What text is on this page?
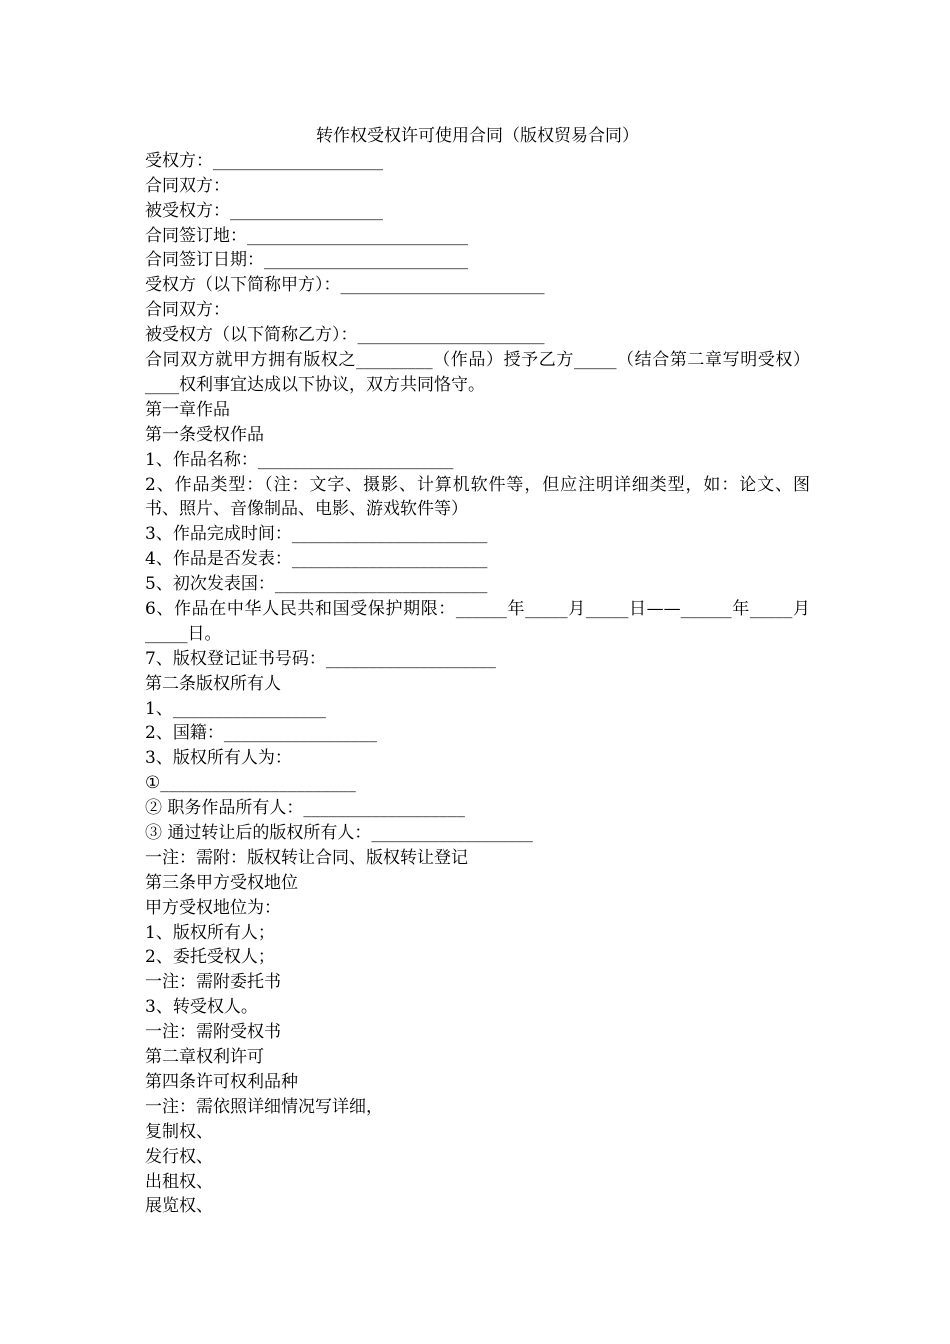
转作权受权许可使用合同（版权贸易合同）
受权方：____________________
合同双方：
被受权方：__________________
合同签订地：__________________________
合同签订日期：________________________
受权方（以下简称甲方）：________________________
合同双方：
被受权方（以下简称乙方）：______________________
合同双方就甲方拥有版权之_________（作品）授予乙方_____（结合第二章写明受权）____权利事宜达成以下协议，双方共同恪守。
第一章作品
第一条受权作品
1、作品名称：_______________________
2、作品类型：（注：文字、摄影、计算机软件等，但应注明详细类型，如：论文、图书、照片、音像制品、电影、游戏软件等）
3、作品完成时间：_______________________
4、作品是否发表：_______________________
5、初次发表国：_________________________
6、作品在中华人民共和国受保护期限：______年_____月_____日——______年_____月_____日。
7、版权登记证书号码：____________________
第二条版权所有人
1、__________________
2、国籍：__________________
3、版权所有人为：
①_______________________
② 职务作品所有人：___________________
③ 通过转让后的版权所有人：___________________
一注：需附：版权转让合同、版权转让登记
第三条甲方受权地位
甲方受权地位为：
1、版权所有人；
2、委托受权人；
一注：需附委托书
3、转受权人。
一注：需附受权书
第二章权利许可
第四条许可权利品种
一注：需依照详细情况写详细，
复制权、
发行权、
出租权、
展览权、
